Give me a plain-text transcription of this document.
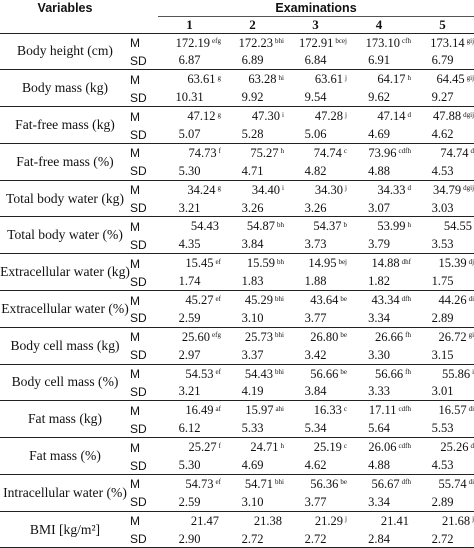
Variables		Examinations				
		1	2	3	4	5
Body height (cm)	M	172.19 $^{efg}$	172.23 $^{bhi}$	172.91 $^{bcej}$	173.10 $^{cfh}$	173.14 $^{gij}$
	SD	6.87	6.89	6.84	6.91	6.79
Body mass (kg)	M	63.61 $^g$	63.28 $^{hi}$	63.61 $^j$	64.17 $^h$	64.45 $^{gij}$
	SD	10.31	9.92	9.54	9.62	9.27
Fat-free mass (kg)	M	47.12 $^g$	47.30 $^i$	47.28 $^j$	47.14 $^d$	47.88 $^{dgij}$
	SD	5.07	5.28	5.06	4.69	4.62
Fat-free mass (%)	M	74.73 $^f$	75.27 $^h$	74.74 $^c$	73.96 $^{cdfh}$	74.74 $^d$
	SD	5.30	4.71	4.82	4.88	4.53
Total body water (kg)	M	34.24 $^g$	34.40 $^i$	34.30 $^j$	34.33 $^d$	34.79 $^{dgij}$
	SD	3.21	3.26	3.26	3.07	3.03
Total body water (%)	M	54.43	54.87 $^{bh}$	54.37 $^b$	53.99 $^h$	54.55
	SD	4.35	3.84	3.73	3.79	3.53
Extracellular water (kg)	M	15.45 $^{ef}$	15.59 $^{bh}$	14.95 $^{bej}$	14.88 $^{dhf}$	15.39 $^{dj}$
	SD	1.74	1.83	1.88	1.82	1.75
Extracellular water (%)	M	45.27 $^{ef}$	45.29 $^{bhi}$	43.64 $^{be}$	43.34 $^{dfh}$	44.26 $^{di}$
	SD	2.59	3.10	3.77	3.34	2.89
Body cell mass (kg)	M	25.60 $^{efg}$	25.73 $^{bhi}$	26.80 $^{be}$	26.66 $^{fh}$	26.72 $^{gi}$
	SD	2.97	3.37	3.42	3.30	3.15
Body cell mass (%)	M	54.53 $^{ef}$	54.43 $^{bhi}$	56.66 $^{be}$	56.66 $^{fh}$	55.86 $^i$
	SD	3.21	4.19	3.84	3.33	3.01
Fat mass (kg)	M	16.49 $^{af}$	15.97 $^{ahi}$	16.33 $^c$	17.11 $^{cdfh}$	16.57 $^{di}$
	SD	6.12	5.33	5.34	5.64	5.53
Fat mass (%)	M	25.27 $^f$	24.71 $^h$	25.19 $^c$	26.06 $^{cdfh}$	25.26 $^d$
	SD	5.30	4.69	4.62	4.88	4.53
Intracellular water (%)	M	54.73 $^{ef}$	54.71 $^{bhi}$	56.36 $^{be}$	56.67 $^{dfh}$	55.74 $^{di}$
	SD	2.59	3.10	3.77	3.34	2.89
BMI [kg/m²]	M	21.47	21.38	21.29 $^j$	21.41	21.68 $^j$
	SD	2.90	2.72	2.72	2.84	2.72
